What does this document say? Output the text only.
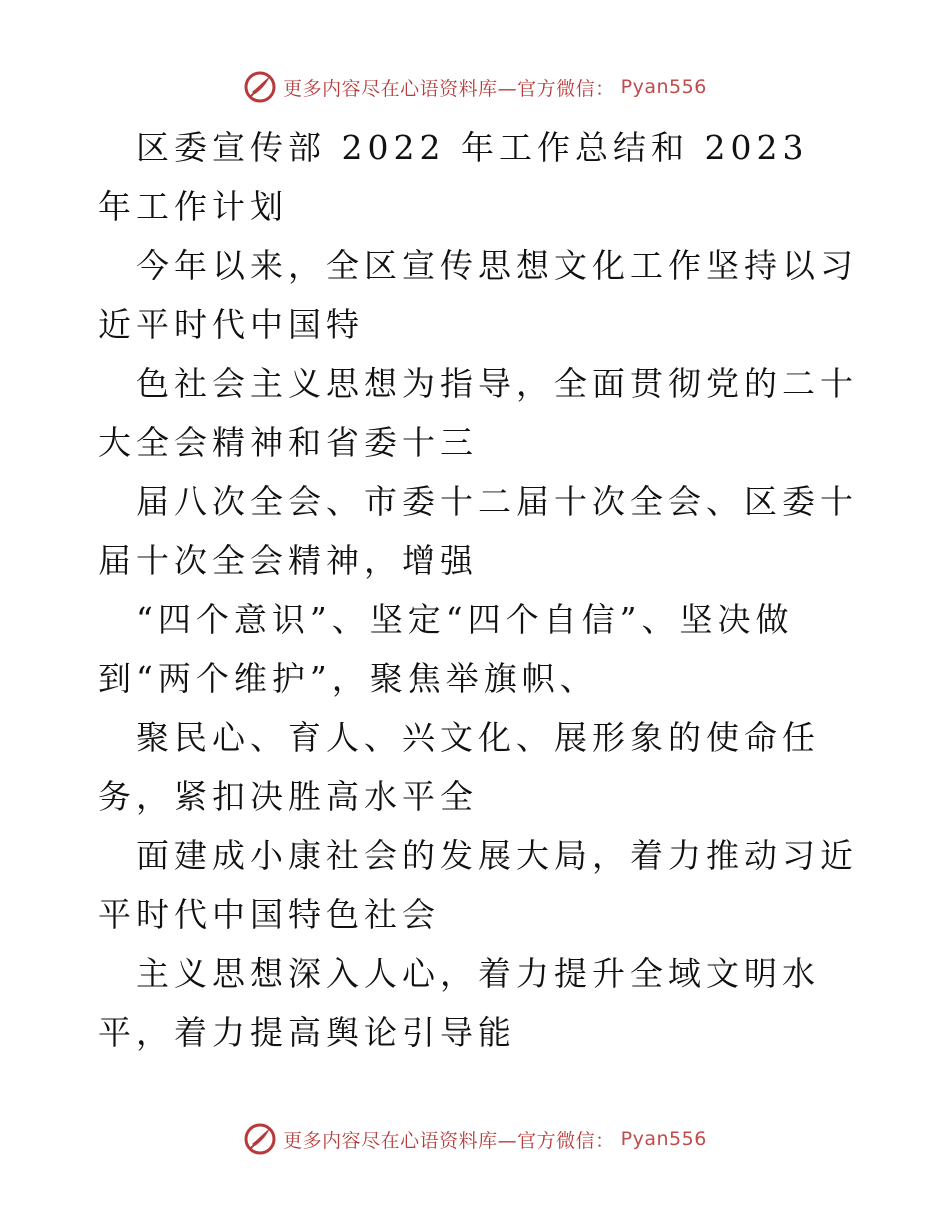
更多内容尽在心语资料库—官方微信： Pyan556

区委宣传部 2022 年工作总结和 2023 年工作计划

今年以来，全区宣传思想文化工作坚持以习近平时代中国特

色社会主义思想为指导，全面贯彻党的二十大全会精神和省委十三

届八次全会、市委十二届十次全会、区委十届十次全会精神，增强

“四个意识”、坚定“四个自信”、坚决做到“两个维护”，聚焦举旗帜、

聚民心、育人、兴文化、展形象的使命任务，紧扣决胜高水平全

面建成小康社会的发展大局，着力推动习近平时代中国特色社会

主义思想深入人心，着力提升全域文明水平，着力提高舆论引导能

更多内容尽在心语资料库—官方微信： Pyan556
